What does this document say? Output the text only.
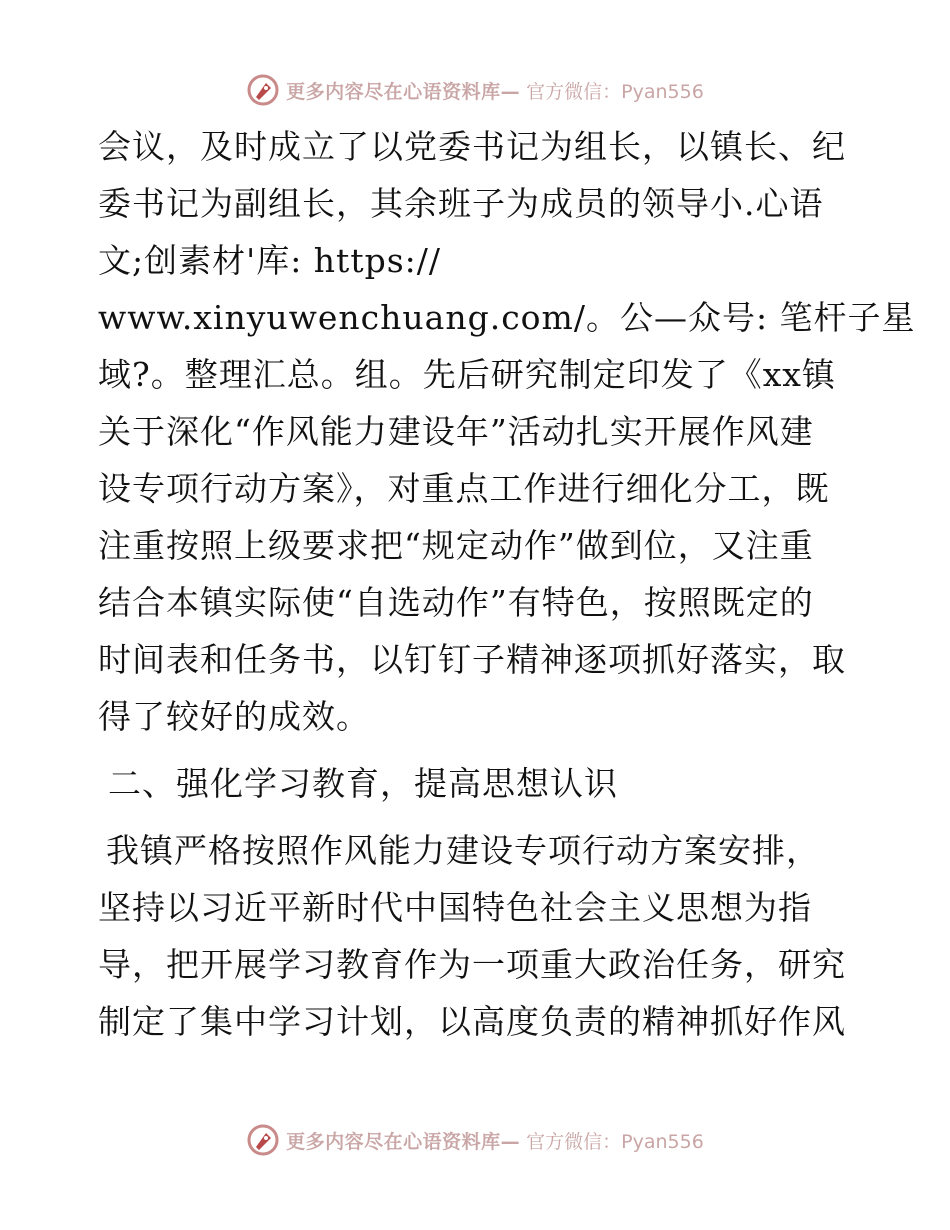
更多内容尽在心语资料库— 官方微信：Pyan556
会议，及时成立了以党委书记为组长，以镇长、纪
委书记为副组长，其余班子为成员的领导小.心语
文;创素材'库: https://
www.xinyuwenchuang.com/。公—众号: 笔杆子星
域?。整理汇总。组。先后研究制定印发了《xx镇
关于深化“作风能力建设年”活动扎实开展作风建
设专项行动方案》，对重点工作进行细化分工，既
注重按照上级要求把“规定动作”做到位，又注重
结合本镇实际使“自选动作”有特色，按照既定的
时间表和任务书，以钉钉子精神逐项抓好落实，取
得了较好的成效。
二、强化学习教育，提高思想认识
我镇严格按照作风能力建设专项行动方案安排，
坚持以习近平新时代中国特色社会主义思想为指
导，把开展学习教育作为一项重大政治任务，研究
制定了集中学习计划，以高度负责的精神抓好作风
更多内容尽在心语资料库— 官方微信：Pyan556
